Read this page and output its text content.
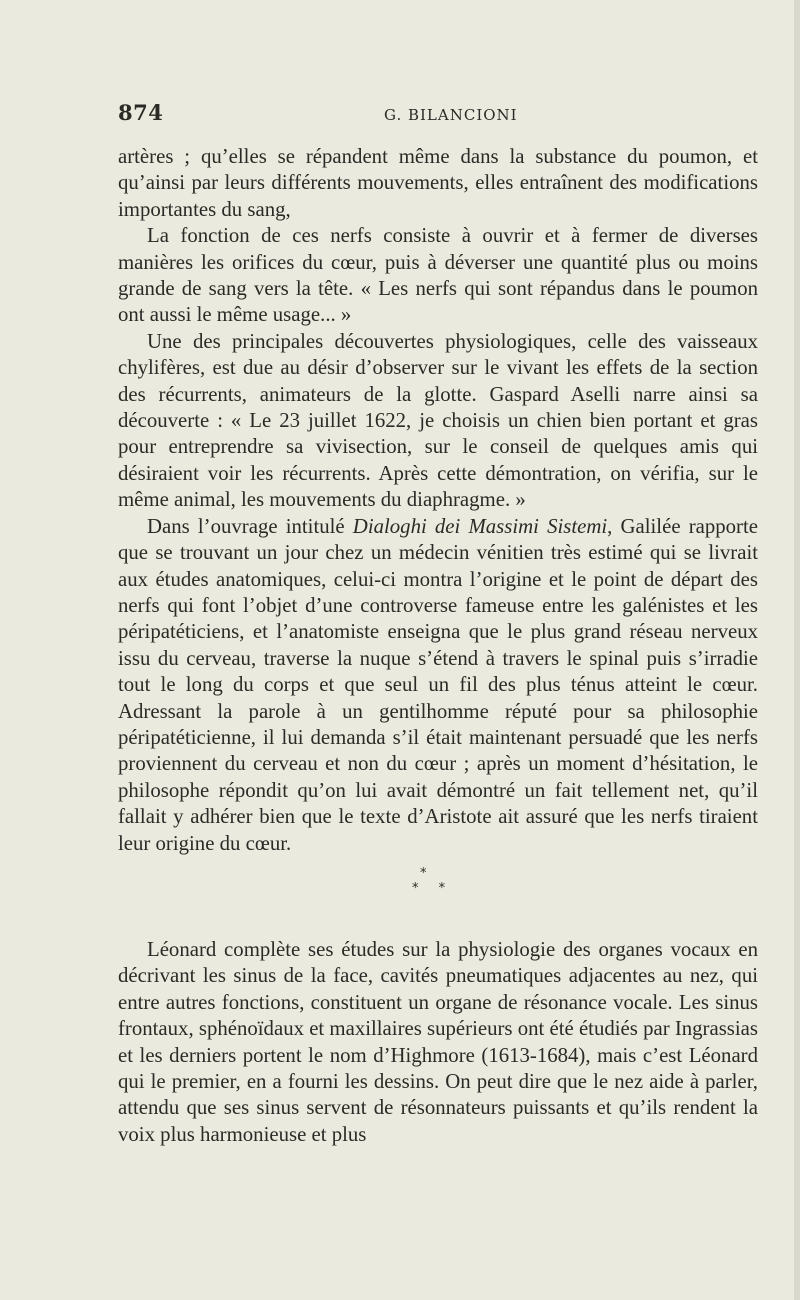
874	G. BILANCIONI

artères ; qu’elles se répandent même dans la substance du poumon, et qu’ainsi par leurs différents mouvements, elles entraînent des modifications importantes du sang,

La fonction de ces nerfs consiste à ouvrir et à fermer de diverses manières les orifices du cœur, puis à déverser une quantité plus ou moins grande de sang vers la tête. « Les nerfs qui sont répandus dans le poumon ont aussi le même usage... »

Une des principales découvertes physiologiques, celle des vaisseaux chylifères, est due au désir d’observer sur le vivant les effets de la section des récurrents, animateurs de la glotte. Gaspard Aselli narre ainsi sa découverte : « Le 23 juillet 1622, je choisis un chien bien portant et gras pour entreprendre sa vivisection, sur le conseil de quelques amis qui désiraient voir les récurrents. Après cette démontration, on vérifia, sur le même animal, les mouvements du diaphragme. »

Dans l’ouvrage intitulé Dialoghi dei Massimi Sistemi, Galilée rapporte que se trouvant un jour chez un médecin vénitien très estimé qui se livrait aux études anatomiques, celui-ci montra l’origine et le point de départ des nerfs qui font l’objet d’une controverse fameuse entre les galénistes et les péripatéticiens, et l’anatomiste enseigna que le plus grand réseau nerveux issu du cerveau, traverse la nuque s’étend à travers le spinal puis s’irradie tout le long du corps et que seul un fil des plus ténus atteint le cœur. Adressant la parole à un gentilhomme réputé pour sa philosophie péripatéticienne, il lui demanda s’il était maintenant persuadé que les nerfs proviennent du cerveau et non du cœur ; après un moment d’hésitation, le philosophe répondit qu’on lui avait démontré un fait tellement net, qu’il fallait y adhérer bien que le texte d’Aristote ait assuré que les nerfs tiraient leur origine du cœur.

*
* *

Léonard complète ses études sur la physiologie des organes vocaux en décrivant les sinus de la face, cavités pneumatiques adjacentes au nez, qui entre autres fonctions, constituent un organe de résonance vocale. Les sinus frontaux, sphénoïdaux et maxillaires supérieurs ont été étudiés par Ingrassias et les derniers portent le nom d’Highmore (1613-1684), mais c’est Léonard qui le premier, en a fourni les dessins. On peut dire que le nez aide à parler, attendu que ses sinus servent de résonnateurs puissants et qu’ils rendent la voix plus harmonieuse et plus
